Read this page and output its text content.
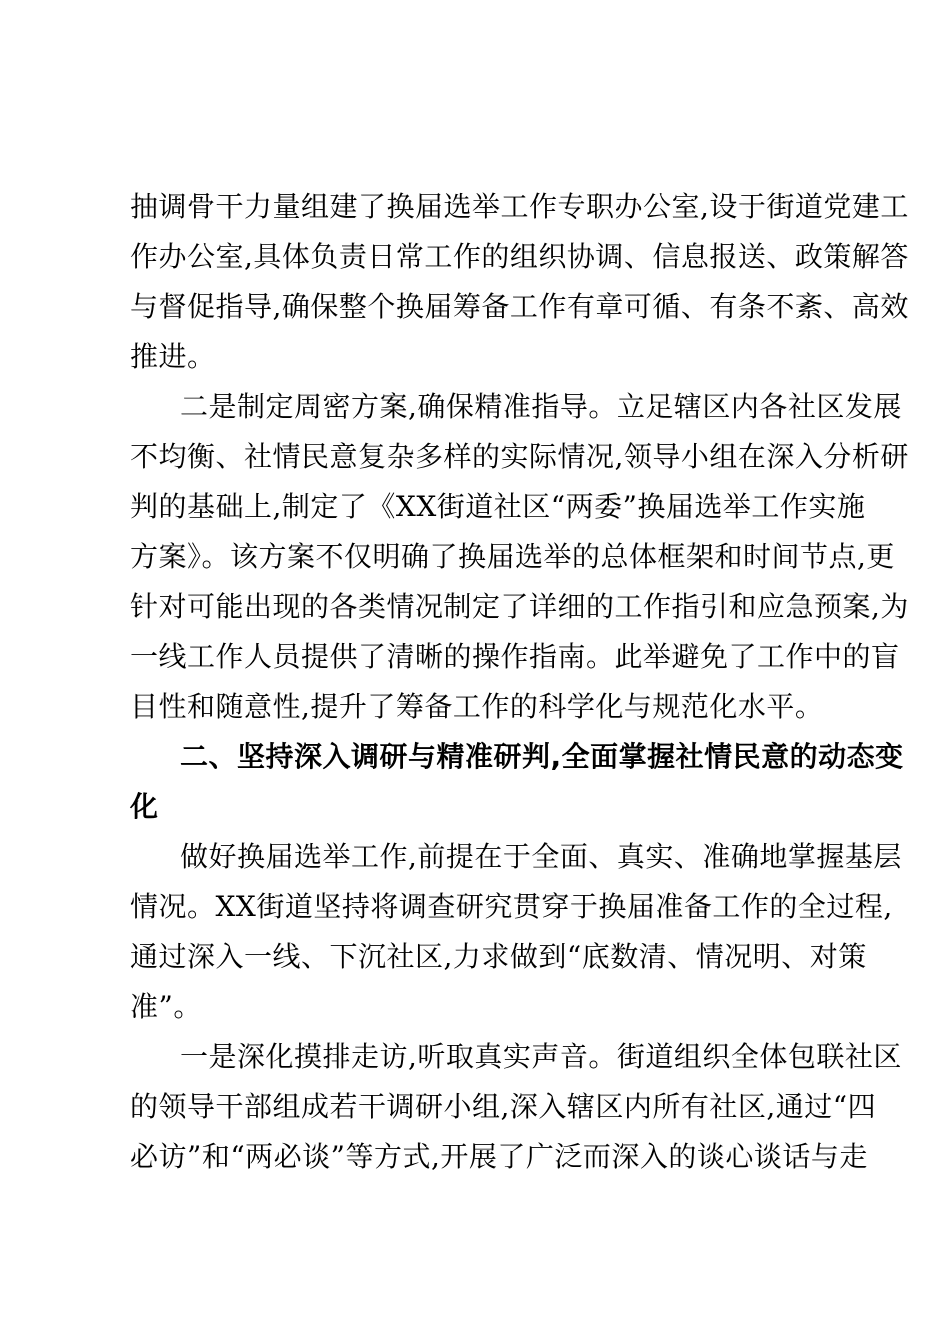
抽调骨干力量组建了换届选举工作专职办公室,设于街道党建工
作办公室,具体负责日常工作的组织协调、信息报送、政策解答
与督促指导,确保整个换届筹备工作有章可循、有条不紊、高效
推进。
二是制定周密方案,确保精准指导。立足辖区内各社区发展
不均衡、社情民意复杂多样的实际情况,领导小组在深入分析研
判的基础上,制定了《XX街道社区“两委”换届选举工作实施
方案》。该方案不仅明确了换届选举的总体框架和时间节点,更
针对可能出现的各类情况制定了详细的工作指引和应急预案,为
一线工作人员提供了清晰的操作指南。此举避免了工作中的盲
目性和随意性,提升了筹备工作的科学化与规范化水平。
二、坚持深入调研与精准研判,全面掌握社情民意的动态变
化
做好换届选举工作,前提在于全面、真实、准确地掌握基层
情况。XX街道坚持将调查研究贯穿于换届准备工作的全过程,
通过深入一线、下沉社区,力求做到“底数清、情况明、对策
准”。
一是深化摸排走访,听取真实声音。街道组织全体包联社区
的领导干部组成若干调研小组,深入辖区内所有社区,通过“四
必访”和“两必谈”等方式,开展了广泛而深入的谈心谈话与走
